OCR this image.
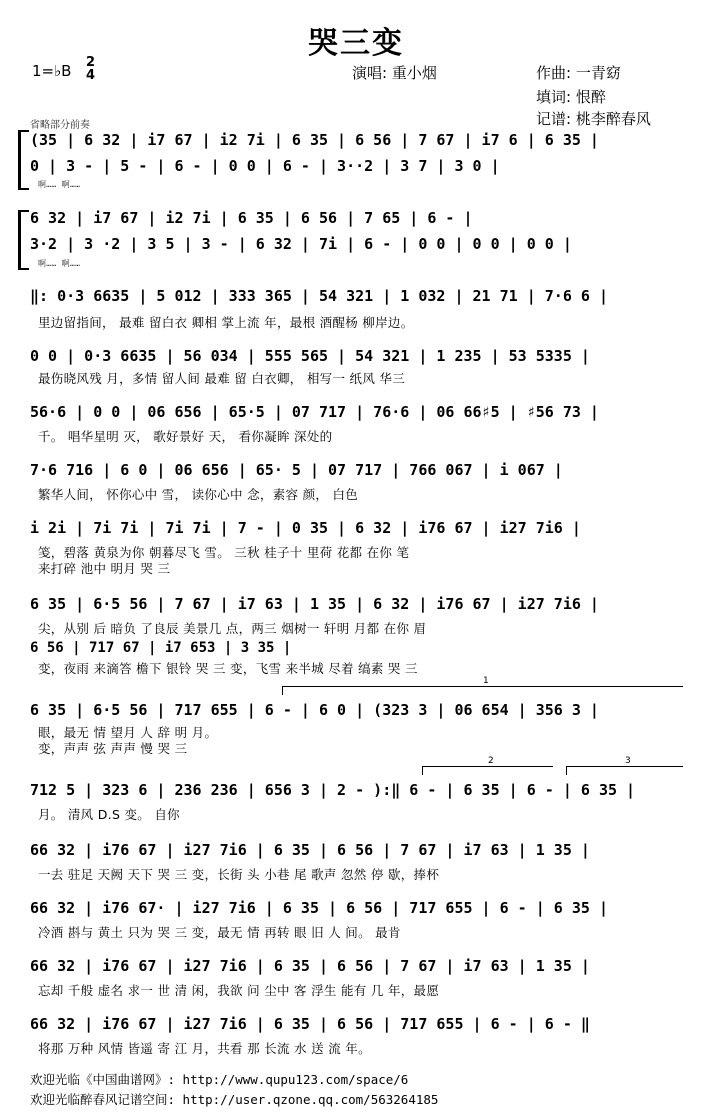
哭三变
1=♭B 2
4	演唱: 重小烟	作曲: 一青窈
填词: 恨醉
记谱: 桃李醉春风
省略部分前奏
(35 | 6 32 | i7 67 | i2 7i | 6 35 | 6 56 | 7 67 | i7 6 | 6 35 |
0 | 3 - | 5 - | 6 - | 0 0 | 6 - | 3··2 | 3 7 | 3 0 |
啊…… 啊……
6 32 | i7 67 | i2 7i | 6 35 | 6 56 | 7 65 | 6 - |
3·2 | 3 ·2 | 3 5 | 3 - | 6 32 | 7i | 6 - | 0 0 | 0 0 | 0 0 |
啊…… 啊……
‖: 0·3 6635 | 5 012 | 333 365 | 54 321 | 1 032 | 21 71 | 7·6 6 |
里边留指间， 最难 留白衣 卿相 掌上流 年，最根 酒醒杨 柳岸边。
0 0 | 0·3 6635 | 56 034 | 555 565 | 54 321 | 1 235 | 53 5335 |
最伤晓风残 月，多情 留人间 最难 留 白衣卿， 相写一 纸风 华三
56·6 | 0 0 | 06 656 | 65·5 | 07 717 | 76·6 | 06 66♯5 | ♯56 73 |
千。 唱华星明 灭， 歌好景好 天， 看你凝眸 深处的
7·6 716 | 6 0 | 06 656 | 65· 5 | 07 717 | 766 067 | i 067 |
繁华人间， 怀你心中 雪， 读你心中 念，素容 颜， 白色
i 2i | 7i 7i | 7i 7i | 7 - | 0 35 | 6 32 | i76 67 | i27 7i6 |
笺，碧落 黄泉为你 朝暮尽飞 雪。 三秋 桂子十 里荷 花都 在你 笔
来打碎 池中 明月 哭 三
6 35 | 6·5 56 | 7 67 | i7 63 | 1 35 | 6 32 | i76 67 | i27 7i6 |
尖，从别 后 暗负 了良辰 美景几 点，两三 烟树一 轩明 月都 在你 眉
6 56 | 717 67 | i7 653 | 3 35 |
变，夜雨 来滴答 檐下 银铃 哭 三 变，飞雪 来半城 尽着 缟素 哭 三
1
6 35 | 6·5 56 | 717 655 | 6 - | 6 0 | (323 3 | 06 654 | 356 3 |
眼，最无 情 望月 人 辞 明 月。
变，声声 弦 声声 慢 哭 三
2	3
712 5 | 323 6 | 236 236 | 656 3 | 2 - ):‖ 6 - | 6 35 | 6 - | 6 35 |
月。 清风 D.S 变。 自你
66 32 | i76 67 | i27 7i6 | 6 35 | 6 56 | 7 67 | i7 63 | 1 35 |
一去 驻足 天阙 天下 哭 三 变，长街 头 小巷 尾 歌声 忽然 停 歇，捧杯
66 32 | i76 67· | i27 7i6 | 6 35 | 6 56 | 717 655 | 6 - | 6 35 |
冷酒 斟与 黄土 只为 哭 三 变，最无 情 再转 眼 旧 人 间。 最肯
66 32 | i76 67 | i27 7i6 | 6 35 | 6 56 | 7 67 | i7 63 | 1 35 |
忘却 千般 虚名 求一 世 清 闲，我欲 问 尘中 客 浮生 能有 几 年，最愿
66 32 | i76 67 | i27 7i6 | 6 35 | 6 56 | 717 655 | 6 - | 6 - ‖
将那 万种 风情 皆遥 寄 江 月，共看 那 长流 水 送 流 年。
欢迎光临《中国曲谱网》: http://www.qupu123.com/space/6
欢迎光临醉春风记谱空间: http://user.qzone.qq.com/563264185
